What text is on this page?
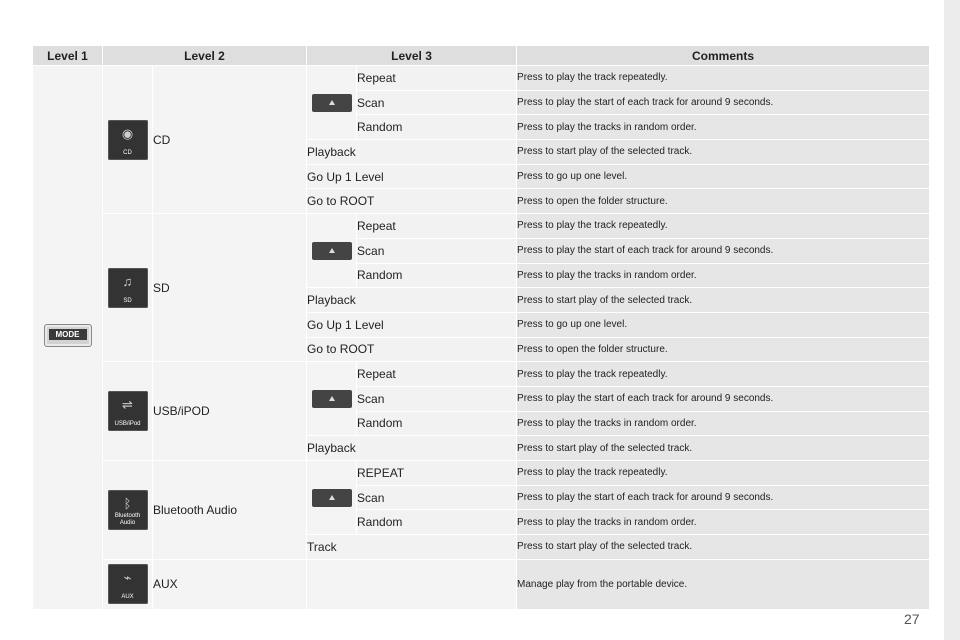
Level 1	Level 2		Level 3		Comments

MODE	◉
CD	CD		Repeat	Press to play the track repeatedly.
				Scan	Press to play the start of each track for around 9 seconds.
				Random	Press to play the tracks in random order.
			Playback		Press to start play of the selected track.
			Go Up 1 Level		Press to go up one level.
			Go to ROOT		Press to open the folder structure.

	♫
SD	SD		Repeat	Press to play the track repeatedly.
				Scan	Press to play the start of each track for around 9 seconds.
				Random	Press to play the tracks in random order.
			Playback		Press to start play of the selected track.
			Go Up 1 Level		Press to go up one level.
			Go to ROOT		Press to open the folder structure.

	⇌
USB/iPod	USB/iPOD		Repeat	Press to play the track repeatedly.
				Scan	Press to play the start of each track for around 9 seconds.
				Random	Press to play the tracks in random order.
			Playback		Press to start play of the selected track.

	ᛒ
Bluetooth Audio	Bluetooth Audio		REPEAT	Press to play the track repeatedly.
				Scan	Press to play the start of each track for around 9 seconds.
				Random	Press to play the tracks in random order.
			Track		Press to start play of the selected track.

	⌁
AUX	AUX			Manage play from the portable device.
27
